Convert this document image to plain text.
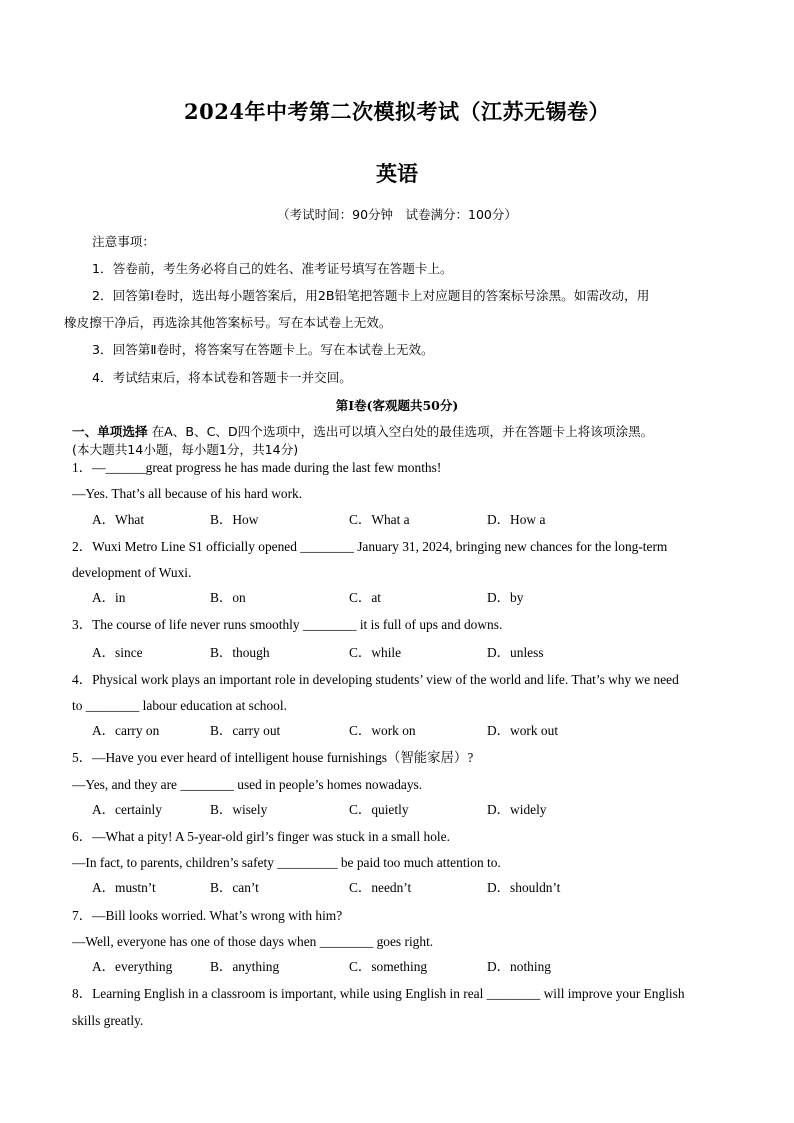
2024年中考第二次模拟考试（江苏无锡卷）
英语
（考试时间：90分钟　试卷满分：100分）
注意事项：
1．答卷前，考生务必将自己的姓名、准考证号填写在答题卡上。
2．回答第Ⅰ卷时，选出每小题答案后，用2B铅笔把答题卡上对应题目的答案标号涂黑。如需改动，用
橡皮擦干净后，再选涂其他答案标号。写在本试卷上无效。
3．回答第Ⅱ卷时，将答案写在答题卡上。写在本试卷上无效。
4．考试结束后，将本试卷和答题卡一并交回。
第I卷(客观题共50分)
一、单项选择 在A、B、C、D四个选项中，选出可以填入空白处的最佳选项，并在答题卡上将该项涂黑。
(本大题共14小题，每小题1分，共14分)
1．—______great progress he has made during the last few months!
—Yes. That’s all because of his hard work.
A．What	B．How	C．What a	D．How a
2．Wuxi Metro Line S1 officially opened ________ January 31, 2024, bringing new chances for the long-term
development of Wuxi.
A．in	B．on	C．at	D．by
3．The course of life never runs smoothly ________ it is full of ups and downs.
A．since	B．though	C．while	D．unless
4．Physical work plays an important role in developing students’ view of the world and life. That’s why we need
to ________ labour education at school.
A．carry on	B．carry out	C．work on	D．work out
5．—Have you ever heard of intelligent house furnishings（智能家居）?
—Yes, and they are ________ used in people’s homes nowadays.
A．certainly	B．wisely	C．quietly	D．widely
6．—What a pity! A 5-year-old girl’s finger was stuck in a small hole.
—In fact, to parents, children’s safety _________ be paid too much attention to.
A．mustn’t	B．can’t	C．needn’t	D．shouldn’t
7．—Bill looks worried. What’s wrong with him?
—Well, everyone has one of those days when ________ goes right.
A．everything	B．anything	C．something	D．nothing
8．Learning English in a classroom is important, while using English in real ________ will improve your English
skills greatly.
